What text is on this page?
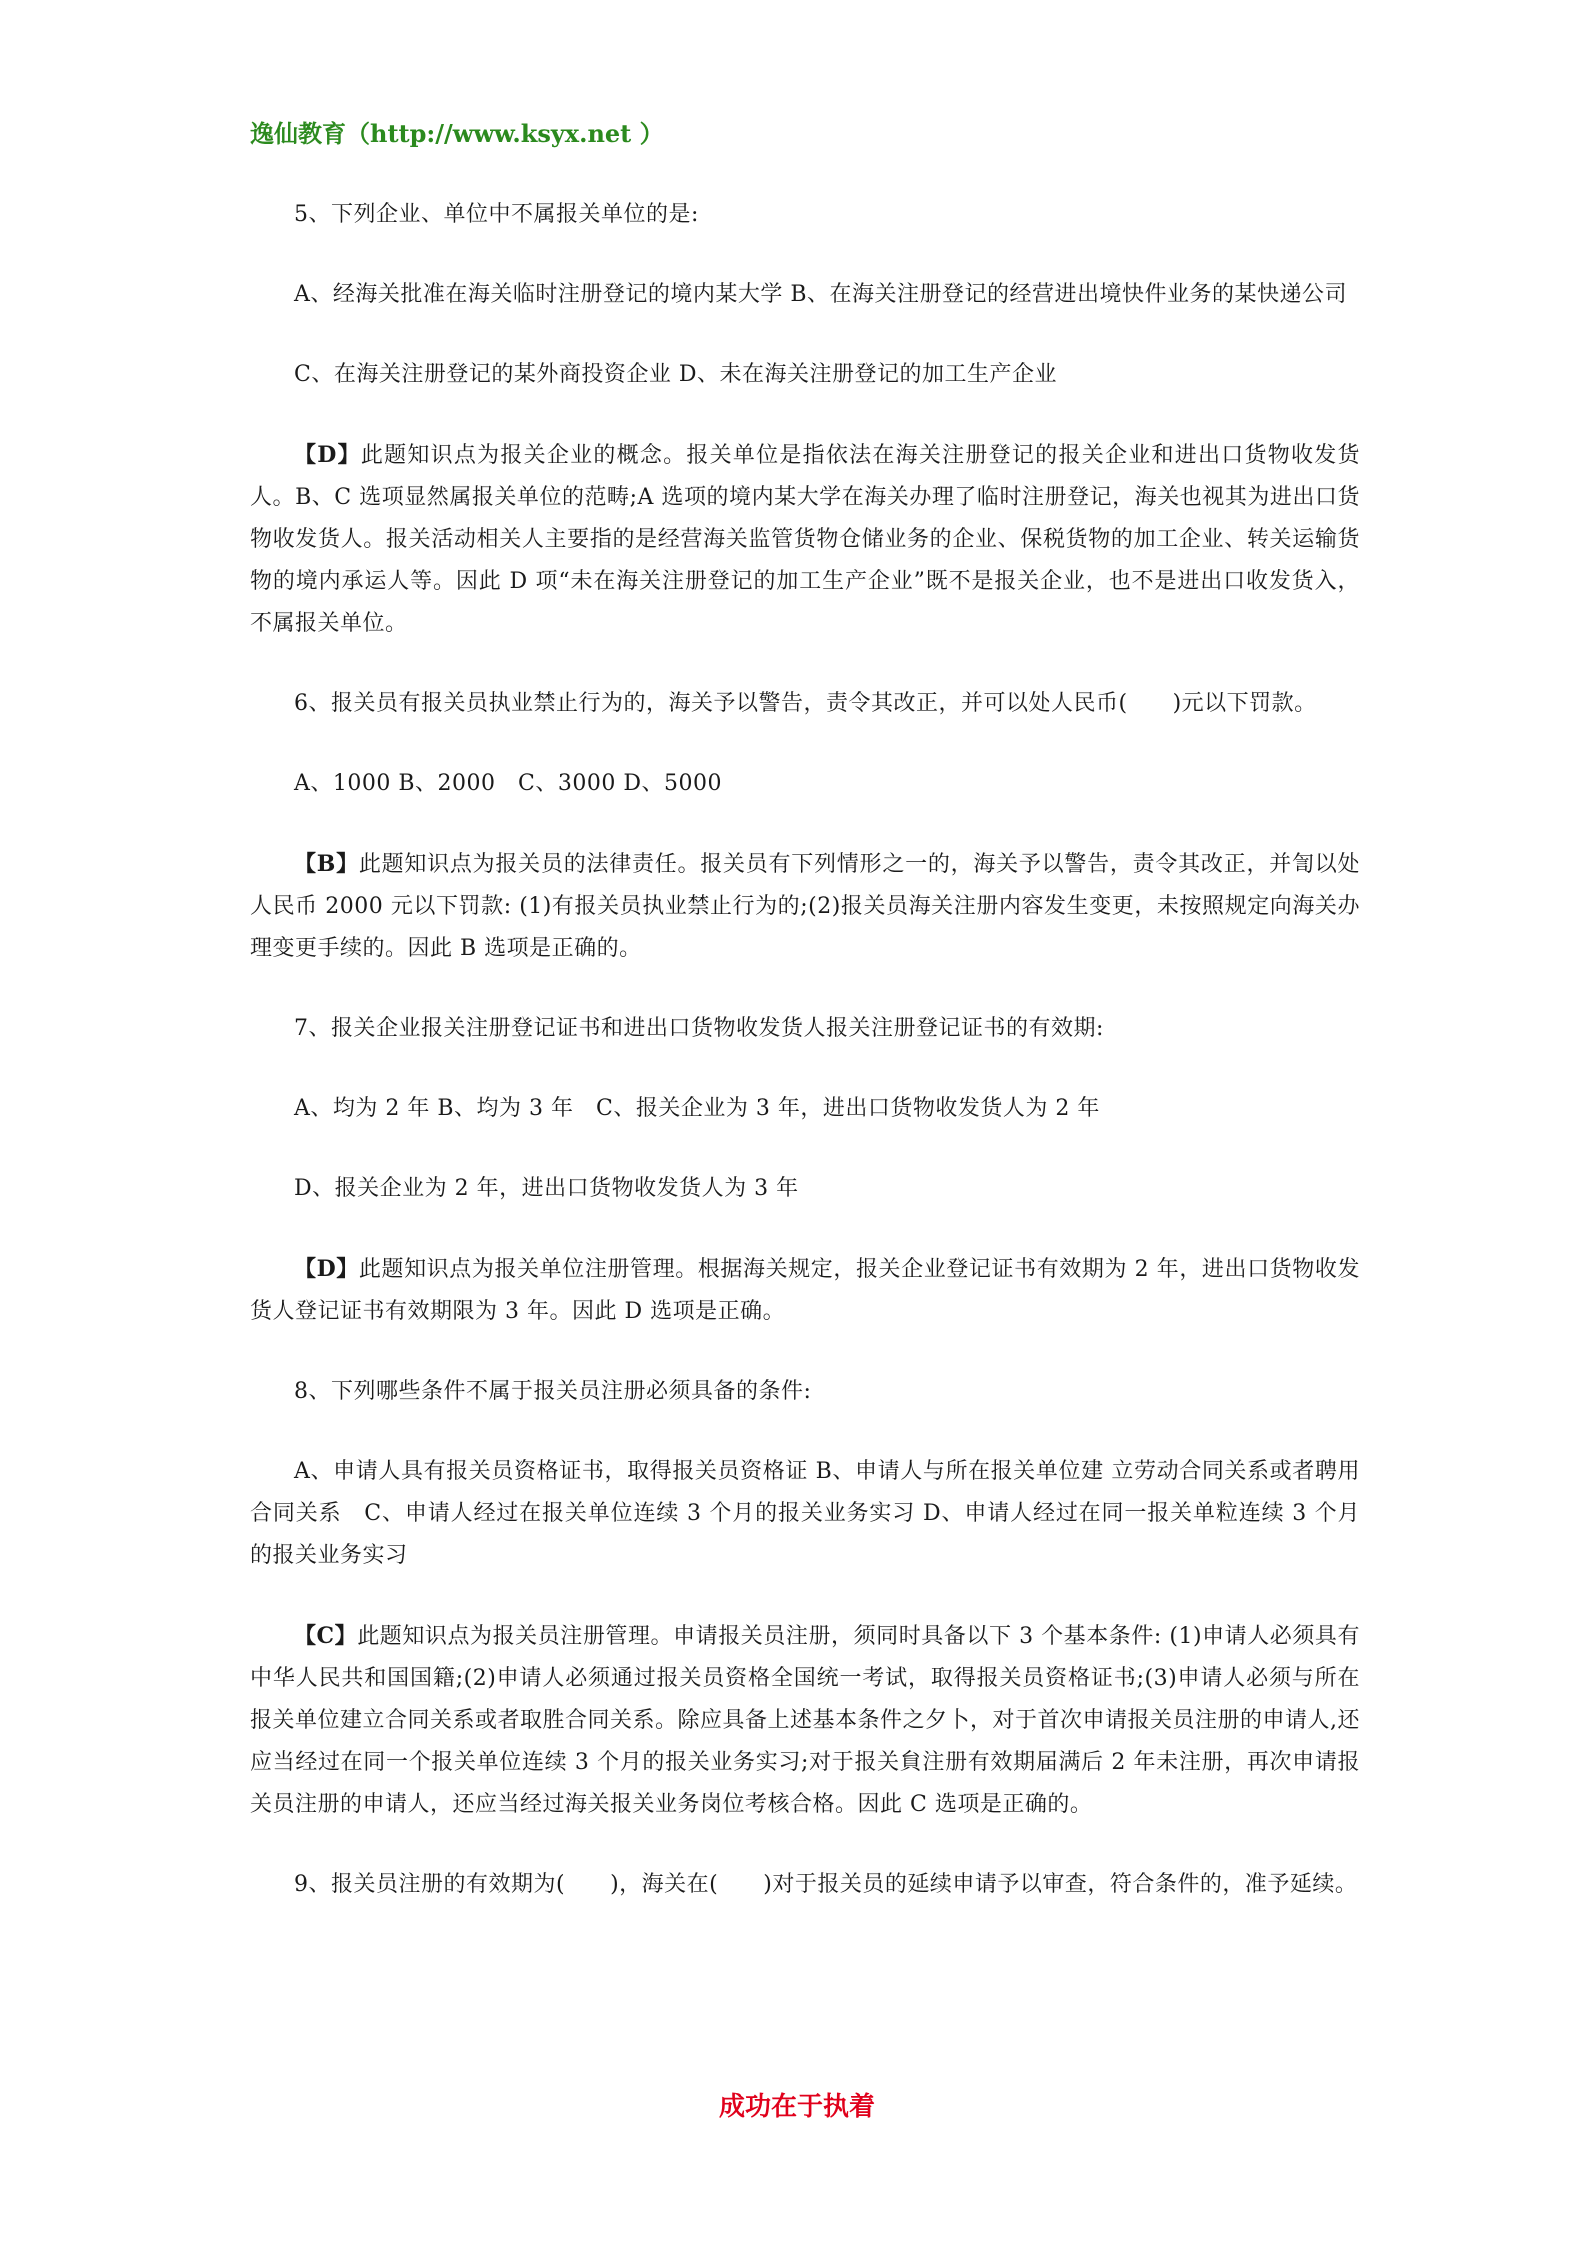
逸仙教育（http://www.ksyx.net ）

5、下列企业、单位中不属报关单位的是:

A、经海关批准在海关临时注册登记的境内某大学 B、在海关注册登记的经营进出境快件业务的某快递公司

C、在海关注册登记的某外商投资企业 D、未在海关注册登记的加工生产企业

【D】此题知识点为报关企业的概念。报关单位是指依法在海关注册登记的报关企业和进出口货物收发货人。B、C 选项显然属报关单位的范畴;A 选项的境内某大学在海关办理了临时注册登记，海关也视其为进出口货物收发货人。报关活动相关人主要指的是经营海关监管货物仓储业务的企业、保税货物的加工企业、转关运输货物的境内承运人等。因此 D 项“未在海关注册登记的加工生产企业”既不是报关企业，也不是进出口收发货入，不属报关单位。

6、报关员有报关员执业禁止行为的，海关予以警告，责令其改正，并可以处人民币(　　)元以下罚款。

A、1000 B、2000　C、3000 D、5000

【B】此题知识点为报关员的法律责任。报关员有下列情形之一的，海关予以警告，责令其改正，并訇以处人民币 2000 元以下罚款: (1)有报关员执业禁止行为的;(2)报关员海关注册内容发生变更，未按照规定向海关办理变更手续的。因此 B 选项是正确的。

7、报关企业报关注册登记证书和进出口货物收发货人报关注册登记证书的有效期:

A、均为 2 年 B、均为 3 年　C、报关企业为 3 年，进出口货物收发货人为 2 年

D、报关企业为 2 年，进出口货物收发货人为 3 年

【D】此题知识点为报关单位注册管理。根据海关规定，报关企业登记证书有效期为 2 年，进出口货物收发货人登记证书有效期限为 3 年。因此 D 选项是正确。

8、下列哪些条件不属于报关员注册必须具备的条件:

A、申请人具有报关员资格证书，取得报关员资格证 B、申请人与所在报关单位建 立劳动合同关系或者聘用合同关系　C、申请人经过在报关单位连续 3 个月的报关业务实习 D、申请人经过在同一报关单粒连续 3 个月的报关业务实习

【C】此题知识点为报关员注册管理。申请报关员注册，须同时具备以下 3 个基本条件: (1)申请人必须具有中华人民共和国国籍;(2)申请人必须通过报关员资格全国统一考试，取得报关员资格证书;(3)申请人必须与所在报关单位建立合同关系或者取胜合同关系。除应具备上述基本条件之夕卜，对于首次申请报关员注册的申请人,还应当经过在同一个报关单位连续 3 个月的报关业务实习;对于报关貟注册有效期届满后 2 年未注册，再次申请报关员注册的申请人，还应当经过海关报关业务岗位考核合格。因此 C 选项是正确的。

9、报关员注册的有效期为(　　)，海关在(　　)对于报关员的延续申请予以审查，符合条件的，准予延续。

成功在于执着
